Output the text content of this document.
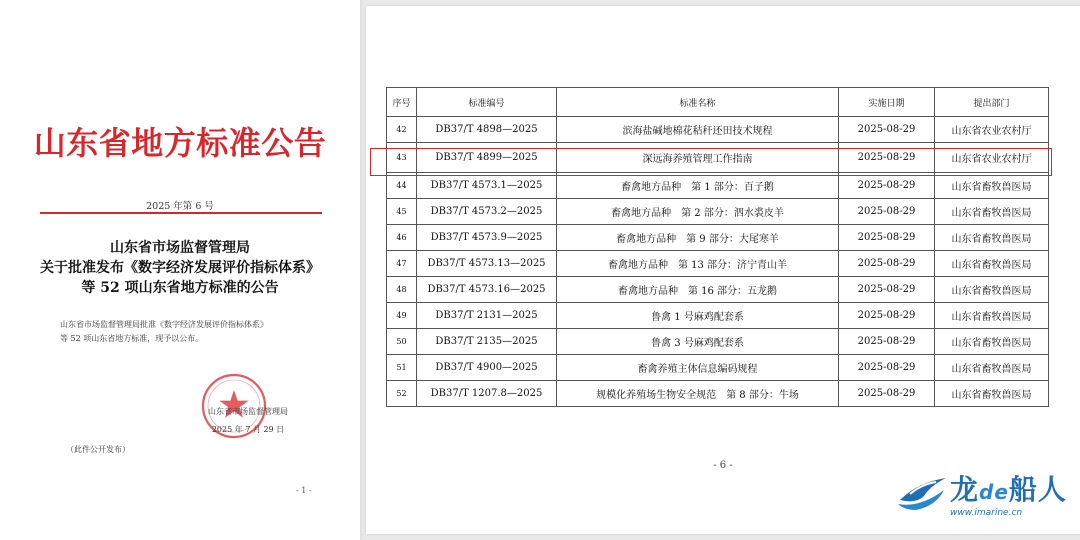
山东省地方标准公告
2025 年第 6 号
山东省市场监督管理局
关于批准发布《数字经济发展评价指标体系》
等 52 项山东省地方标准的公告
山东省市场监督管理局批准《数字经济发展评价指标体系》
等 52 项山东省地方标准，现予以公布。
山东省市场监督管理局
2025 年 7 月 29 日
（此件公开发布）
- 1 -
序号	标准编号	标准名称	实施日期	提出部门
42	DB37/T 4898—2025	滨海盐碱地棉花秸秆还田技术规程	2025-08-29	山东省农业农村厅
43	DB37/T 4899—2025	深远海养殖管理工作指南	2025-08-29	山东省农业农村厅
44	DB37/T 4573.1—2025	畜禽地方品种　第 1 部分：百子鹅	2025-08-29	山东省畜牧兽医局
45	DB37/T 4573.2—2025	畜禽地方品种　第 2 部分：泗水裘皮羊	2025-08-29	山东省畜牧兽医局
46	DB37/T 4573.9—2025	畜禽地方品种　第 9 部分：大尾寒羊	2025-08-29	山东省畜牧兽医局
47	DB37/T 4573.13—2025	畜禽地方品种　第 13 部分：济宁青山羊	2025-08-29	山东省畜牧兽医局
48	DB37/T 4573.16—2025	畜禽地方品种　第 16 部分：五龙鹅	2025-08-29	山东省畜牧兽医局
49	DB37/T 2131—2025	鲁禽 1 号麻鸡配套系	2025-08-29	山东省畜牧兽医局
50	DB37/T 2135—2025	鲁禽 3 号麻鸡配套系	2025-08-29	山东省畜牧兽医局
51	DB37/T 4900—2025	畜禽养殖主体信息编码规程	2025-08-29	山东省畜牧兽医局
52	DB37/T 1207.8—2025	规模化养殖场生物安全规范　第 8 部分：牛场	2025-08-29	山东省畜牧兽医局
- 6 -
龙de船人
www.imarine.cn
